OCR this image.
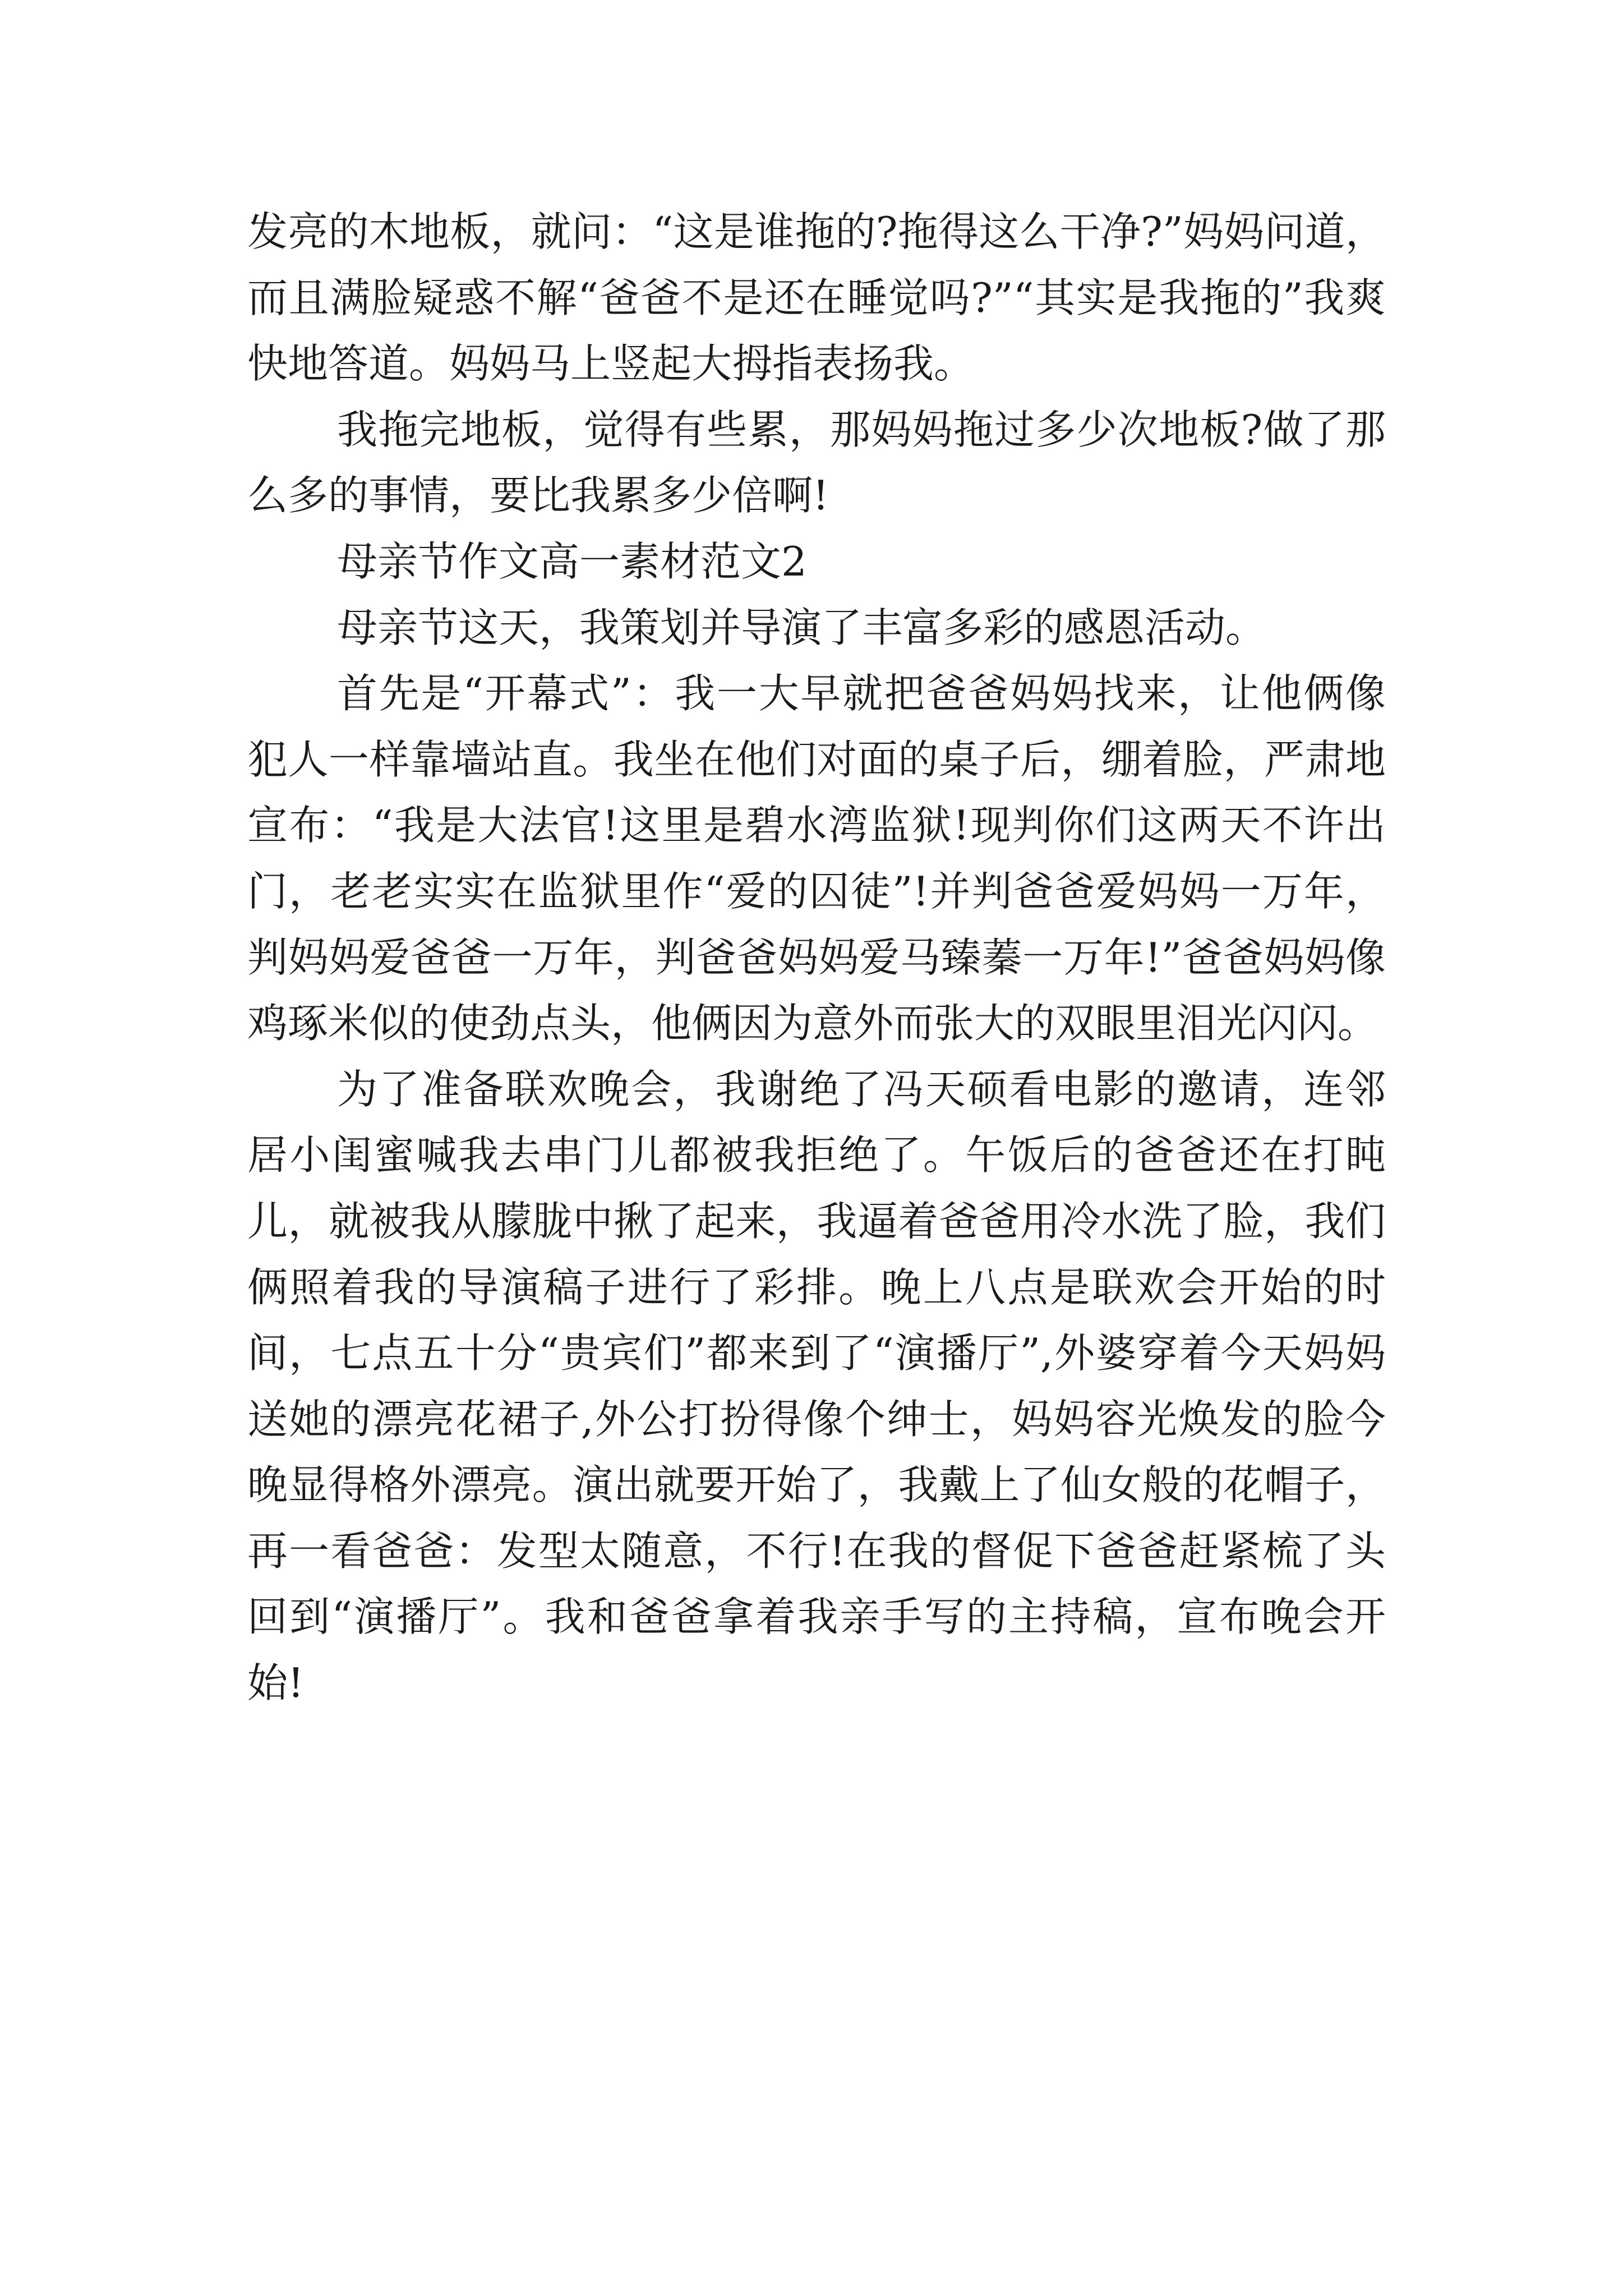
发亮的木地板，就问：“这是谁拖的?拖得这么干净?”妈妈问道，而且满脸疑惑不解“爸爸不是还在睡觉吗?”“其实是我拖的”我爽快地答道。妈妈马上竖起大拇指表扬我。

我拖完地板，觉得有些累，那妈妈拖过多少次地板?做了那么多的事情，要比我累多少倍啊!

母亲节作文高一素材范文2

母亲节这天，我策划并导演了丰富多彩的感恩活动。

首先是“开幕式”：我一大早就把爸爸妈妈找来，让他俩像犯人一样靠墙站直。我坐在他们对面的桌子后，绷着脸，严肃地宣布：“我是大法官!这里是碧水湾监狱!现判你们这两天不许出门，老老实实在监狱里作“爱的囚徒”!并判爸爸爱妈妈一万年，判妈妈爱爸爸一万年，判爸爸妈妈爱马臻蓁一万年!”爸爸妈妈像鸡琢米似的使劲点头，他俩因为意外而张大的双眼里泪光闪闪。

为了准备联欢晚会，我谢绝了冯天硕看电影的邀请，连邻居小闺蜜喊我去串门儿都被我拒绝了。午饭后的爸爸还在打盹儿，就被我从朦胧中揪了起来，我逼着爸爸用冷水洗了脸，我们俩照着我的导演稿子进行了彩排。晚上八点是联欢会开始的时间，七点五十分“贵宾们”都来到了“演播厅”,外婆穿着今天妈妈送她的漂亮花裙子,外公打扮得像个绅士，妈妈容光焕发的脸今晚显得格外漂亮。演出就要开始了，我戴上了仙女般的花帽子，再一看爸爸：发型太随意，不行!在我的督促下爸爸赶紧梳了头回到“演播厅”。我和爸爸拿着我亲手写的主持稿，宣布晚会开始!
